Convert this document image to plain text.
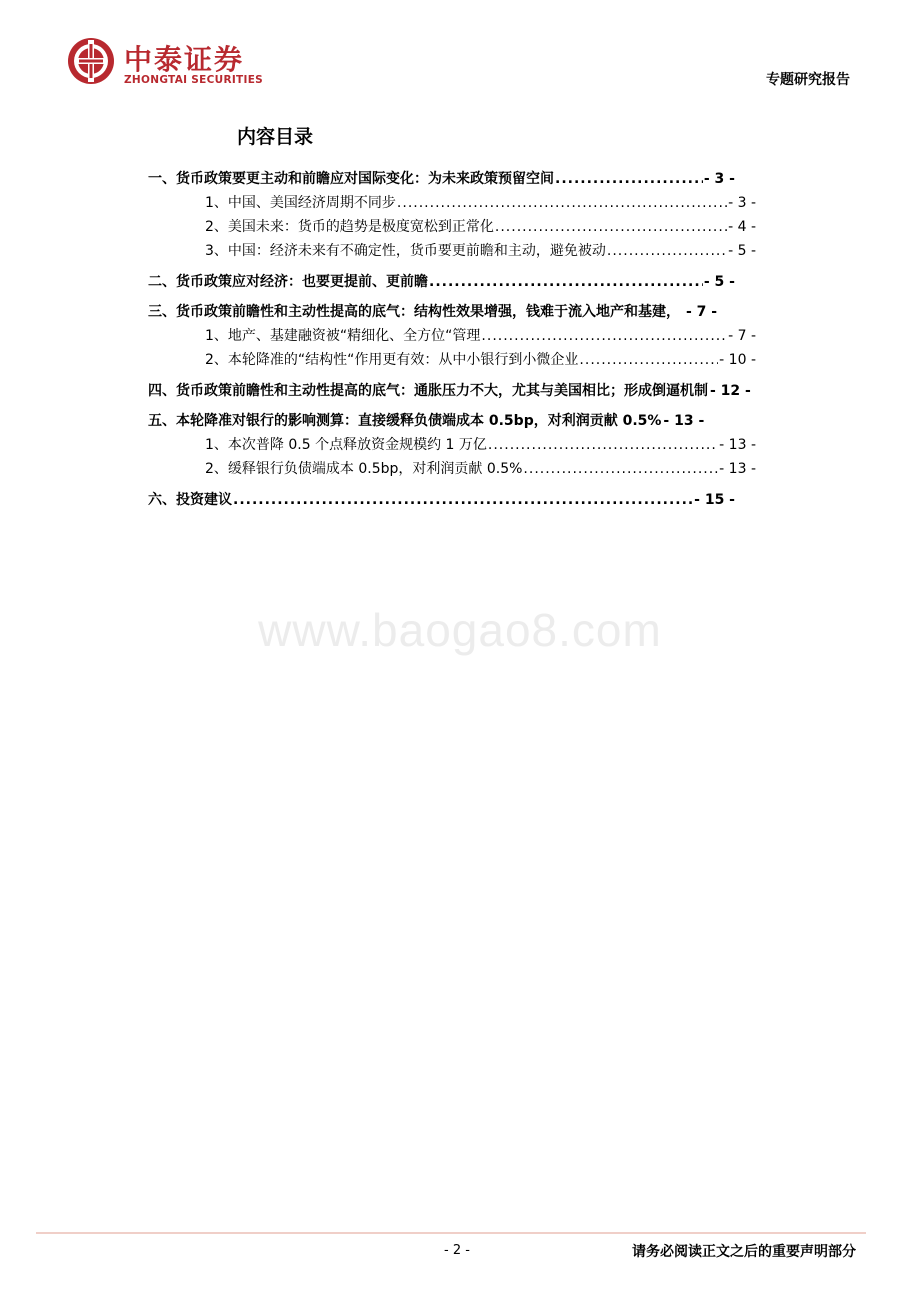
中泰证券
ZHONGTAI SECURITIES	专题研究报告
内容目录
一、货币政策要更主动和前瞻应对国际变化：为未来政策预留空间 .....	- 3 -
1、中国、美国经济周期不同步 .....	- 3 -
2、美国未来：货币的趋势是极度宽松到正常化 .....	- 4 -
3、中国：经济未来有不确定性，货币要更前瞻和主动，避免被动 .....	- 5 -
二、货币政策应对经济：也要更提前、更前瞻 .....	- 5 -
三、货币政策前瞻性和主动性提高的底气：结构性效果增强，钱难于流入地产和基建， - 7 -
1、地产、基建融资被“精细化、全方位“管理 .....	- 7 -
2、本轮降准的“结构性“作用更有效：从中小银行到小微企业 .....	- 10 -
四、货币政策前瞻性和主动性提高的底气：通胀压力不大，尤其与美国相比；形成倒逼机制 - 12 -
五、本轮降准对银行的影响测算：直接缓释负债端成本 0.5bp，对利润贡献 0.5% - 13 -
1、本次普降 0.5 个点释放资金规模约 1 万亿 .....	- 13 -
2、缓释银行负债端成本 0.5bp，对利润贡献 0.5% .....	- 13 -
六、投资建议 .....	- 15 -
www.baogao8.com
- 2 -	请务必阅读正文之后的重要声明部分
